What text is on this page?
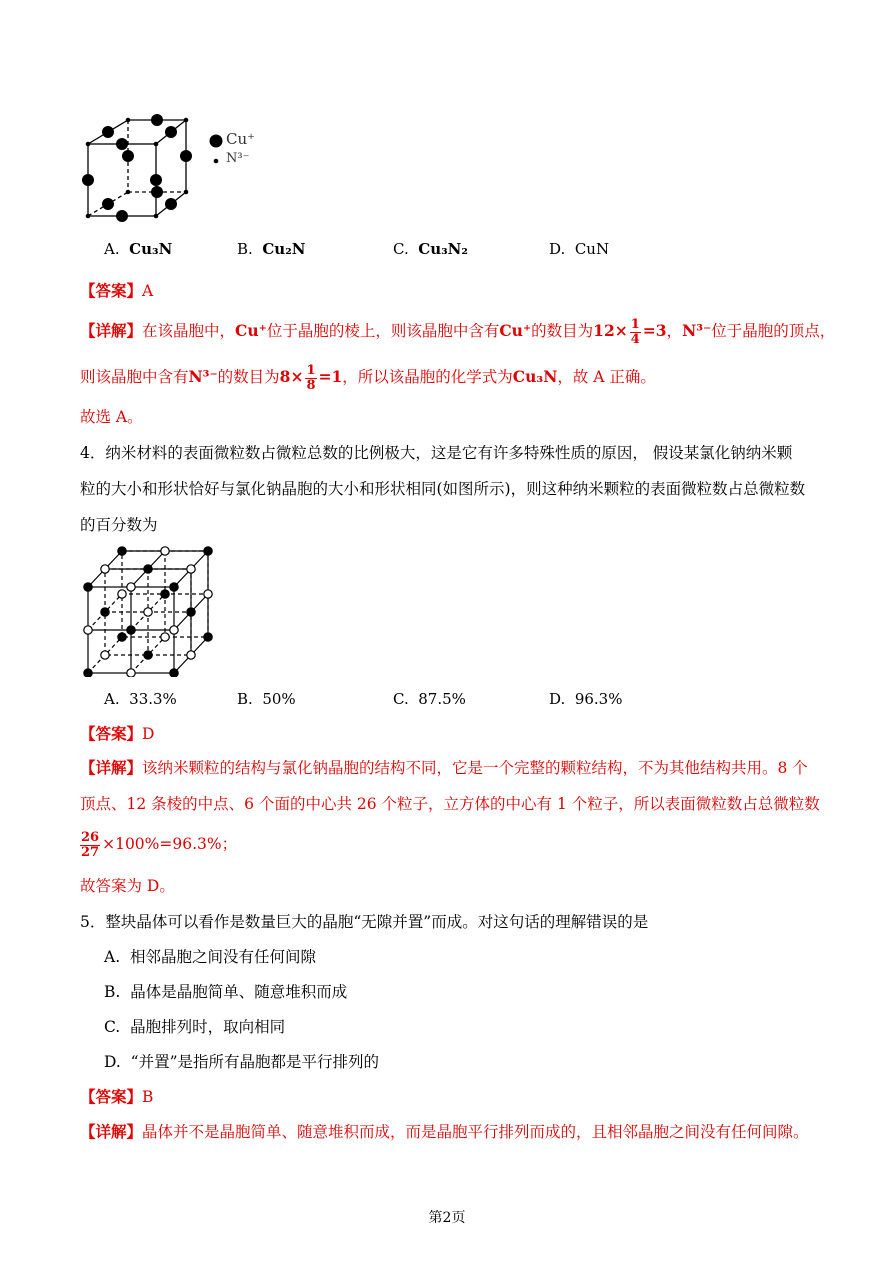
Cu⁺
N³⁻
A. Cu₃N	B. Cu₂N	C. Cu₃N₂	D. CuN
【答案】A
【详解】在该晶胞中，Cu⁺位于晶胞的棱上，则该晶胞中含有Cu⁺的数目为$12\times \frac{1}{4} =3$，N³⁻位于晶胞的顶点，
则该晶胞中含有N³⁻的数目为$8\times \frac{1}{8} =1$，所以该晶胞的化学式为Cu₃N，故 A 正确。
故选 A。
4．纳米材料的表面微粒数占微粒总数的比例极大，这是它有许多特殊性质的原因， 假设某氯化钠纳米颗
粒的大小和形状恰好与氯化钠晶胞的大小和形状相同(如图所示)，则这种纳米颗粒的表面微粒数占总微粒数
的百分数为
A. 33.3%	B. 50%	C. 87.5%	D. 96.3%
【答案】D
【详解】该纳米颗粒的结构与氯化钠晶胞的结构不同，它是一个完整的颗粒结构，不为其他结构共用。8 个
顶点、12 条棱的中点、6 个面的中心共 26 个粒子，立方体的中心有 1 个粒子，所以表面微粒数占总微粒数
$\frac{26}{27} \times 100\%=96.3\%$；
故答案为 D。
5．整块晶体可以看作是数量巨大的晶胞“无隙并置”而成。对这句话的理解错误的是
A. 相邻晶胞之间没有任何间隙
B. 晶体是晶胞简单、随意堆积而成
C. 晶胞排列时，取向相同
D. “并置”是指所有晶胞都是平行排列的
【答案】B
【详解】晶体并不是晶胞简单、随意堆积而成，而是晶胞平行排列而成的，且相邻晶胞之间没有任何间隙。
第2页
